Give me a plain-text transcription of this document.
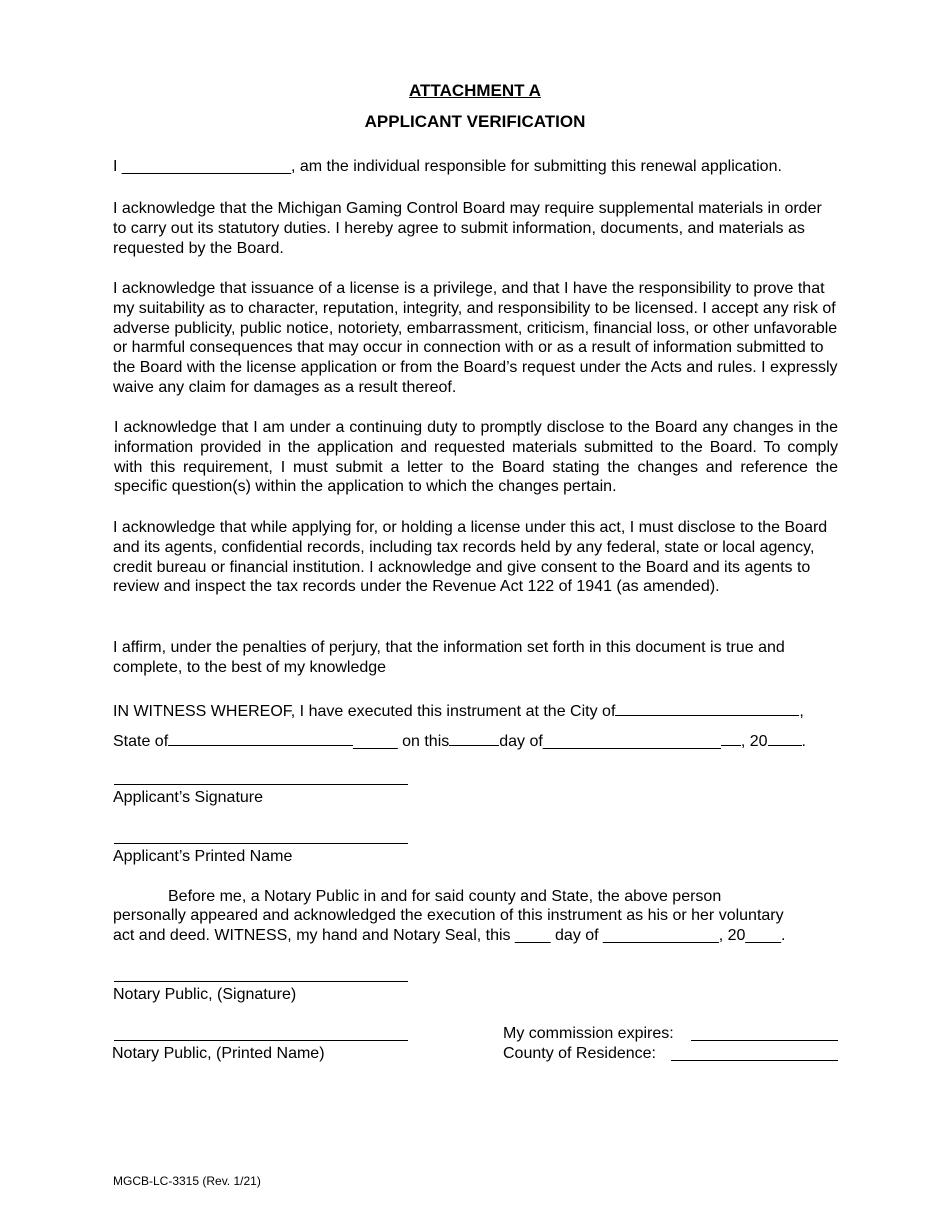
ATTACHMENT A
APPLICANT VERIFICATION

I ___________________, am the individual responsible for submitting this renewal application.

I acknowledge that the Michigan Gaming Control Board may require supplemental materials in order to carry out its statutory duties. I hereby agree to submit information, documents, and materials as requested by the Board.

I acknowledge that issuance of a license is a privilege, and that I have the responsibility to prove that my suitability as to character, reputation, integrity, and responsibility to be licensed. I accept any risk of adverse publicity, public notice, notoriety, embarrassment, criticism, financial loss, or other unfavorable or harmful consequences that may occur in connection with or as a result of information submitted to the Board with the license application or from the Board’s request under the Acts and rules. I expressly waive any claim for damages as a result thereof.

I acknowledge that I am under a continuing duty to promptly disclose to the Board any changes in the information provided in the application and requested materials submitted to the Board. To comply with this requirement, I must submit a letter to the Board stating the changes and reference the specific question(s) within the application to which the changes pertain.

I acknowledge that while applying for, or holding a license under this act, I must disclose to the Board and its agents, confidential records, including tax records held by any federal, state or local agency, credit bureau or financial institution. I acknowledge and give consent to the Board and its agents to review and inspect the tax records under the Revenue Act 122 of 1941 (as amended).

I affirm, under the penalties of perjury, that the information set forth in this document is true and complete, to the best of my knowledge

IN WITNESS WHEREOF, I have executed this instrument at the City of	,
State of	_____ on this	day of____________________ , 20 .
Applicant’s Signature
Applicant’s Printed Name
Before me, a Notary Public in and for said county and State, the above person
personally appeared and acknowledged the execution of this instrument as his or her voluntary
act and deed. WITNESS, my hand and Notary Seal, this ____ day of _____________, 20____.
Notary Public, (Signature)
Notary Public, (Printed Name)
My commission expires:
County of Residence:
MGCB-LC-3315 (Rev. 1/21)
